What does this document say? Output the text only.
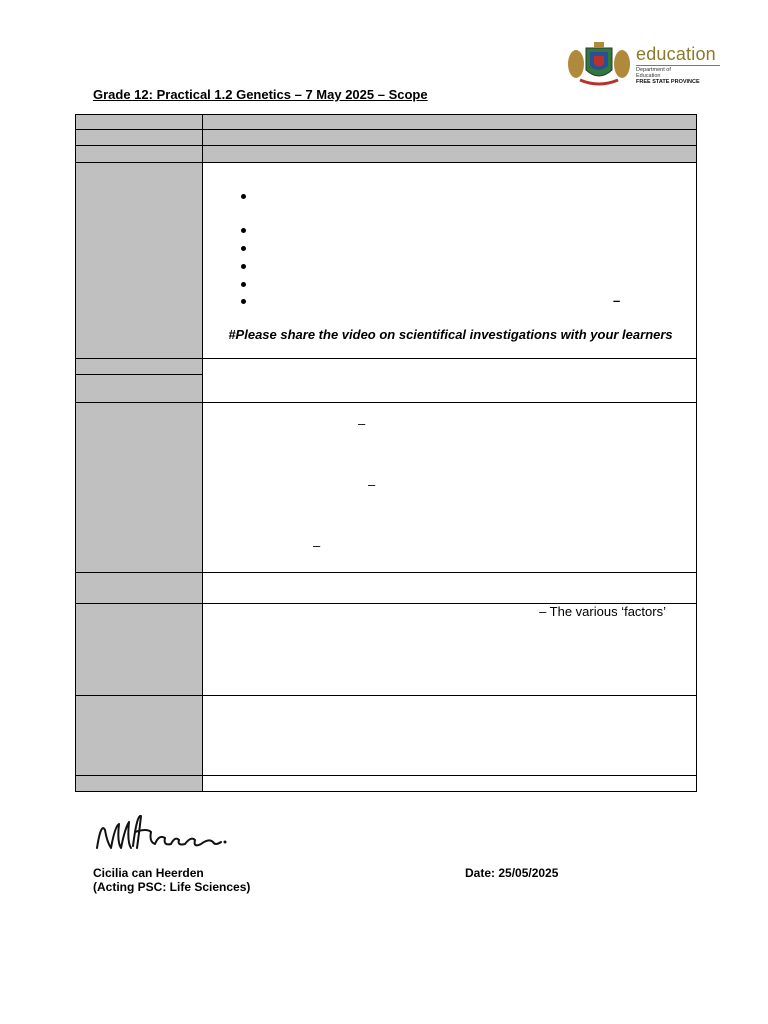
education
Department of
Education
FREE STATE PROVINCE
Grade 12: Practical 1.2 Genetics – 7 May 2025 – Scope
–
#Please share the video on scientifical investigations with your learners
–
–
–
– The various ‘factors’
Cicilia can Heerden
(Acting PSC: Life Sciences)
Date: 25/05/2025
